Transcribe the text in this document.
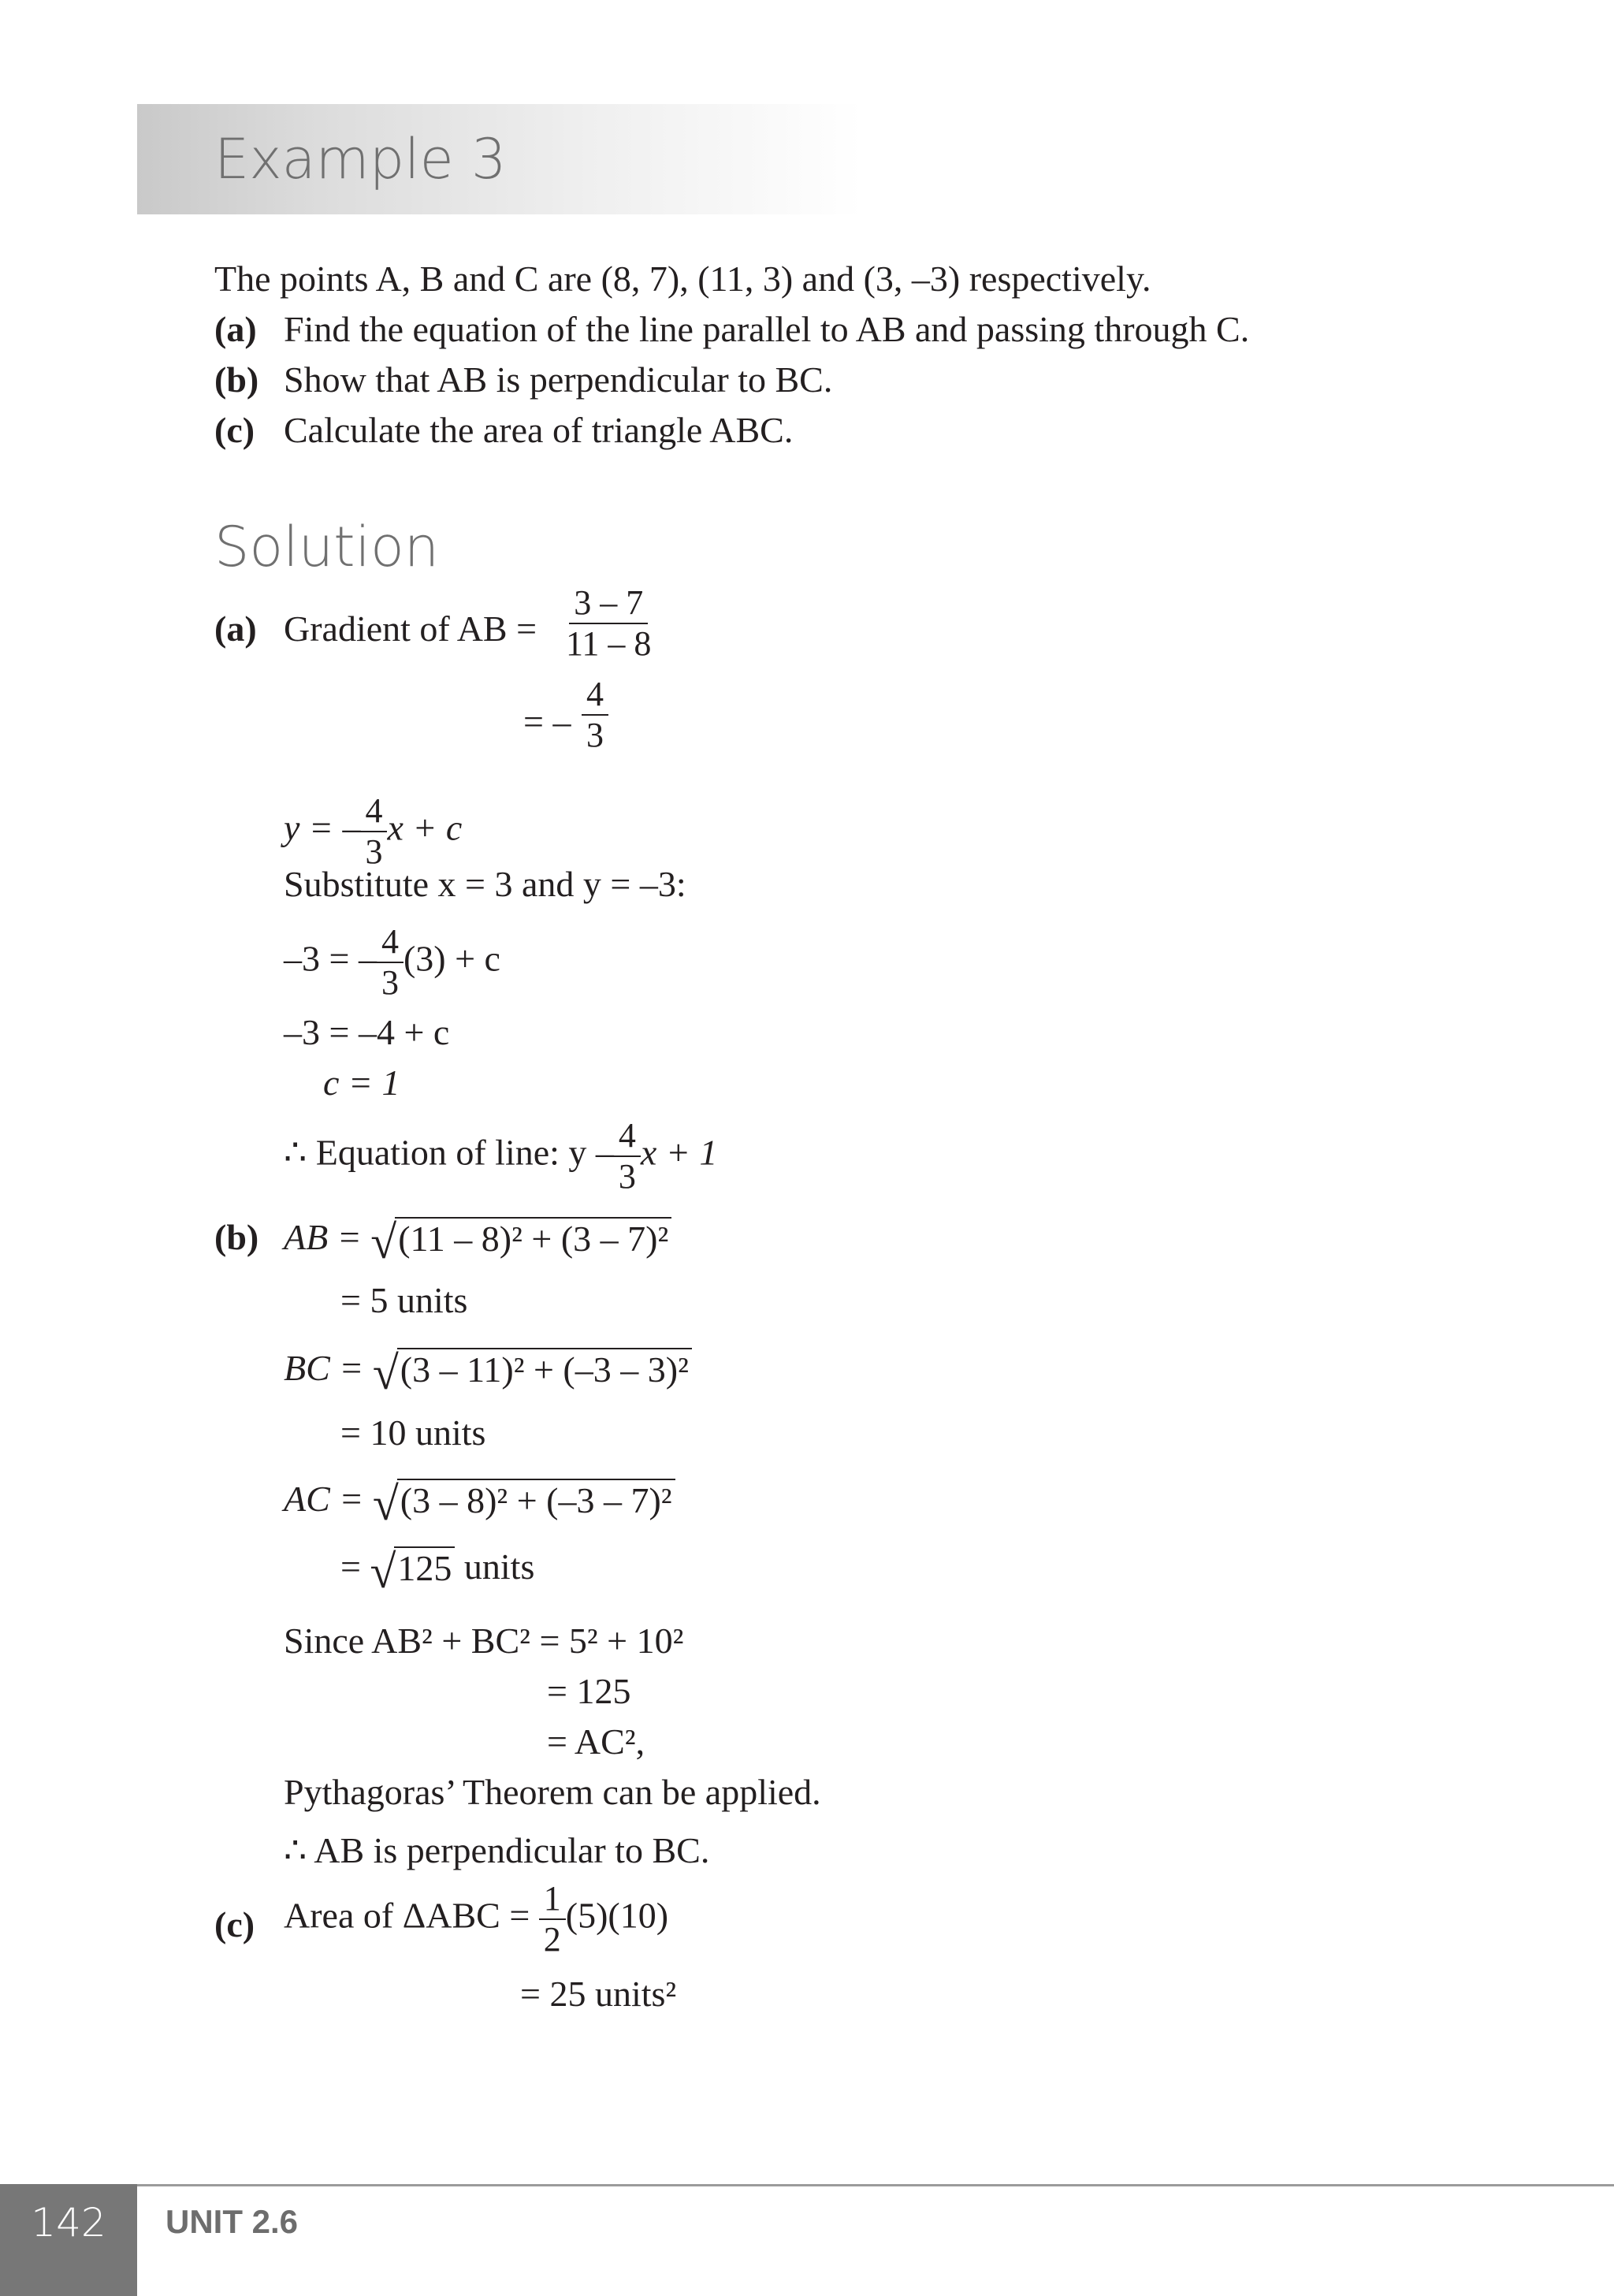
Example 3
The points A, B and C are (8, 7), (11, 3) and (3, –3) respectively.
(a) Find the equation of the line parallel to AB and passing through C.
(b) Show that AB is perpendicular to BC.
(c) Calculate the area of triangle ABC.
Solution
(a) Gradient of AB = $\frac{3 - 7}{11 - 8}$
= – $\frac{4}{3}$
y = – $\frac{4}{3}$ x + c
Substitute x = 3 and y = –3:
–3 = – $\frac{4}{3} (3) + c$
–3 = –4 + c
c = 1
∴ Equation of line: y – $\frac{4}{3}$ x + 1
(b) AB = √ (11 – 8)² + (3 – 7)²
= 5 units
BC = √ (3 – 11)² + (–3 – 3)²
= 10 units
AC = √ (3 – 8)² + (–3 – 7)²
= √ 125 units
Since AB² + BC² = 5² + 10²
= 125
= AC²,
Pythagoras’ Theorem can be applied.
∴ AB is perpendicular to BC.
(c) Area of $\Delta ABC = \frac{1}{2} (5)(10)$
= 25 units²
142	UNIT 2.6
